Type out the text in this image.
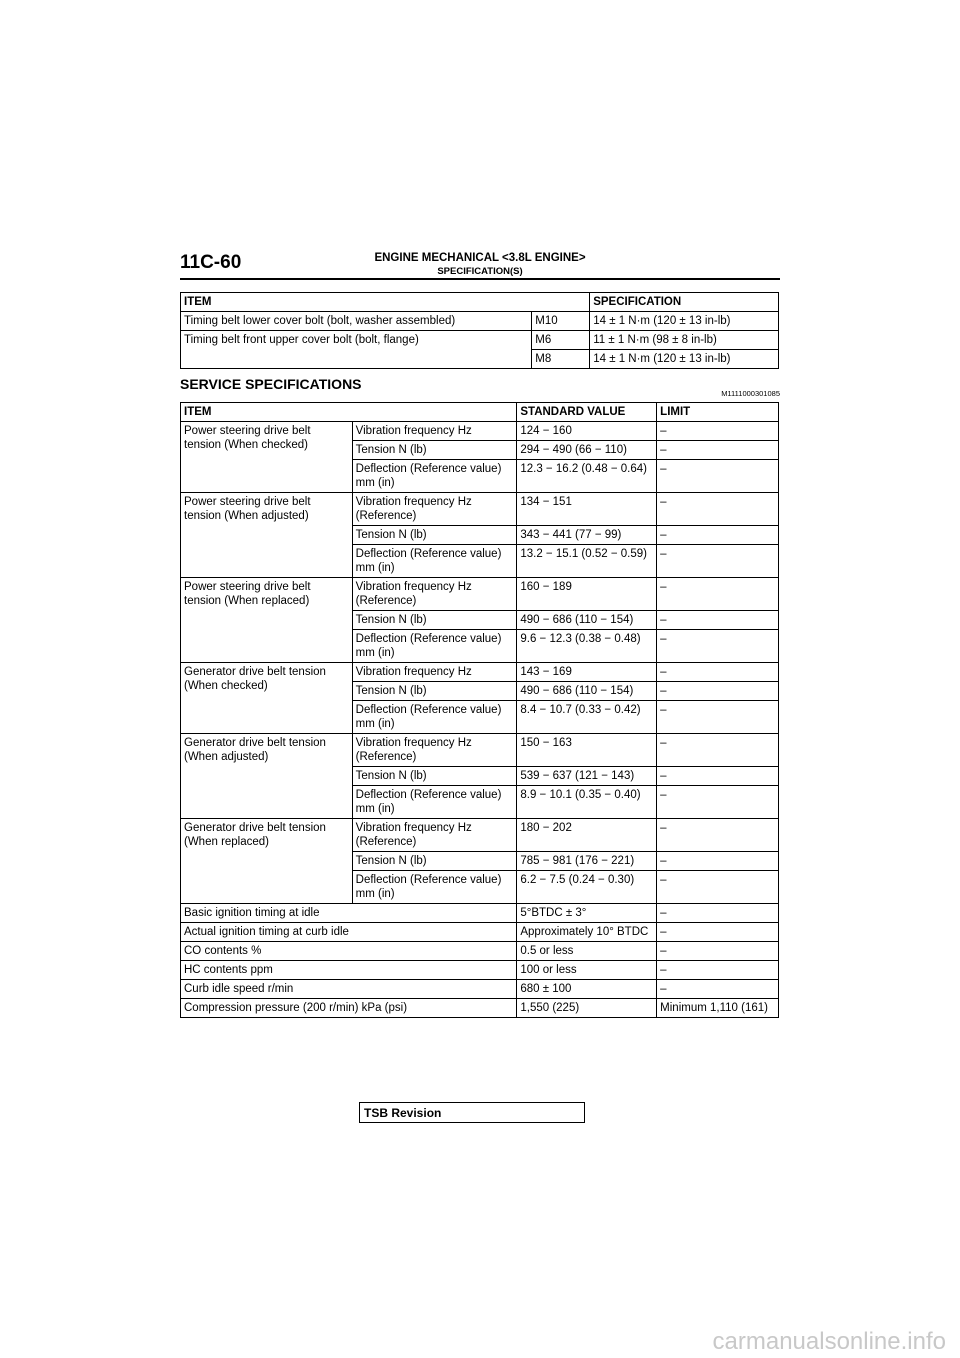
11C-60	ENGINE MECHANICAL <3.8L ENGINE>
SPECIFICATION(S)
ITEM		SPECIFICATION
Timing belt lower cover bolt (bolt, washer assembled)	M10	14 ± 1 N·m (120 ± 13 in-lb)
Timing belt front upper cover bolt (bolt, flange)	M6	11 ± 1 N·m (98 ± 8 in-lb)
	M8	14 ± 1 N·m (120 ± 13 in-lb)
SERVICE SPECIFICATIONS
M1111000301085
ITEM		STANDARD VALUE	LIMIT
Power steering drive belt tension (When checked)	Vibration frequency Hz	124 − 160	–
	Tension N (lb)	294 − 490 (66 − 110)	–
	Deflection (Reference value) mm (in)	12.3 − 16.2 (0.48 − 0.64)	–
Power steering drive belt tension (When adjusted)	Vibration frequency Hz (Reference)	134 − 151	–
	Tension N (lb)	343 − 441 (77 − 99)	–
	Deflection (Reference value) mm (in)	13.2 − 15.1 (0.52 − 0.59)	–
Power steering drive belt tension (When replaced)	Vibration frequency Hz (Reference)	160 − 189	–
	Tension N (lb)	490 − 686 (110 − 154)	–
	Deflection (Reference value) mm (in)	9.6 − 12.3 (0.38 − 0.48)	–
Generator drive belt tension (When checked)	Vibration frequency Hz	143 − 169	–
	Tension N (lb)	490 − 686 (110 − 154)	–
	Deflection (Reference value) mm (in)	8.4 − 10.7 (0.33 − 0.42)	–
Generator drive belt tension (When adjusted)	Vibration frequency Hz (Reference)	150 − 163	–
	Tension N (lb)	539 − 637 (121 − 143)	–
	Deflection (Reference value) mm (in)	8.9 − 10.1 (0.35 − 0.40)	–
Generator drive belt tension (When replaced)	Vibration frequency Hz (Reference)	180 − 202	–
	Tension N (lb)	785 − 981 (176 − 221)	–
	Deflection (Reference value) mm (in)	6.2 − 7.5 (0.24 − 0.30)	–
Basic ignition timing at idle		5°BTDC ± 3°	–
Actual ignition timing at curb idle		Approximately 10° BTDC	–
CO contents %		0.5 or less	–
HC contents ppm		100 or less	–
Curb idle speed r/min		680 ± 100	–
Compression pressure (200 r/min) kPa (psi)		1,550 (225)	Minimum 1,110 (161)
TSB Revision
carmanualsonline.info
